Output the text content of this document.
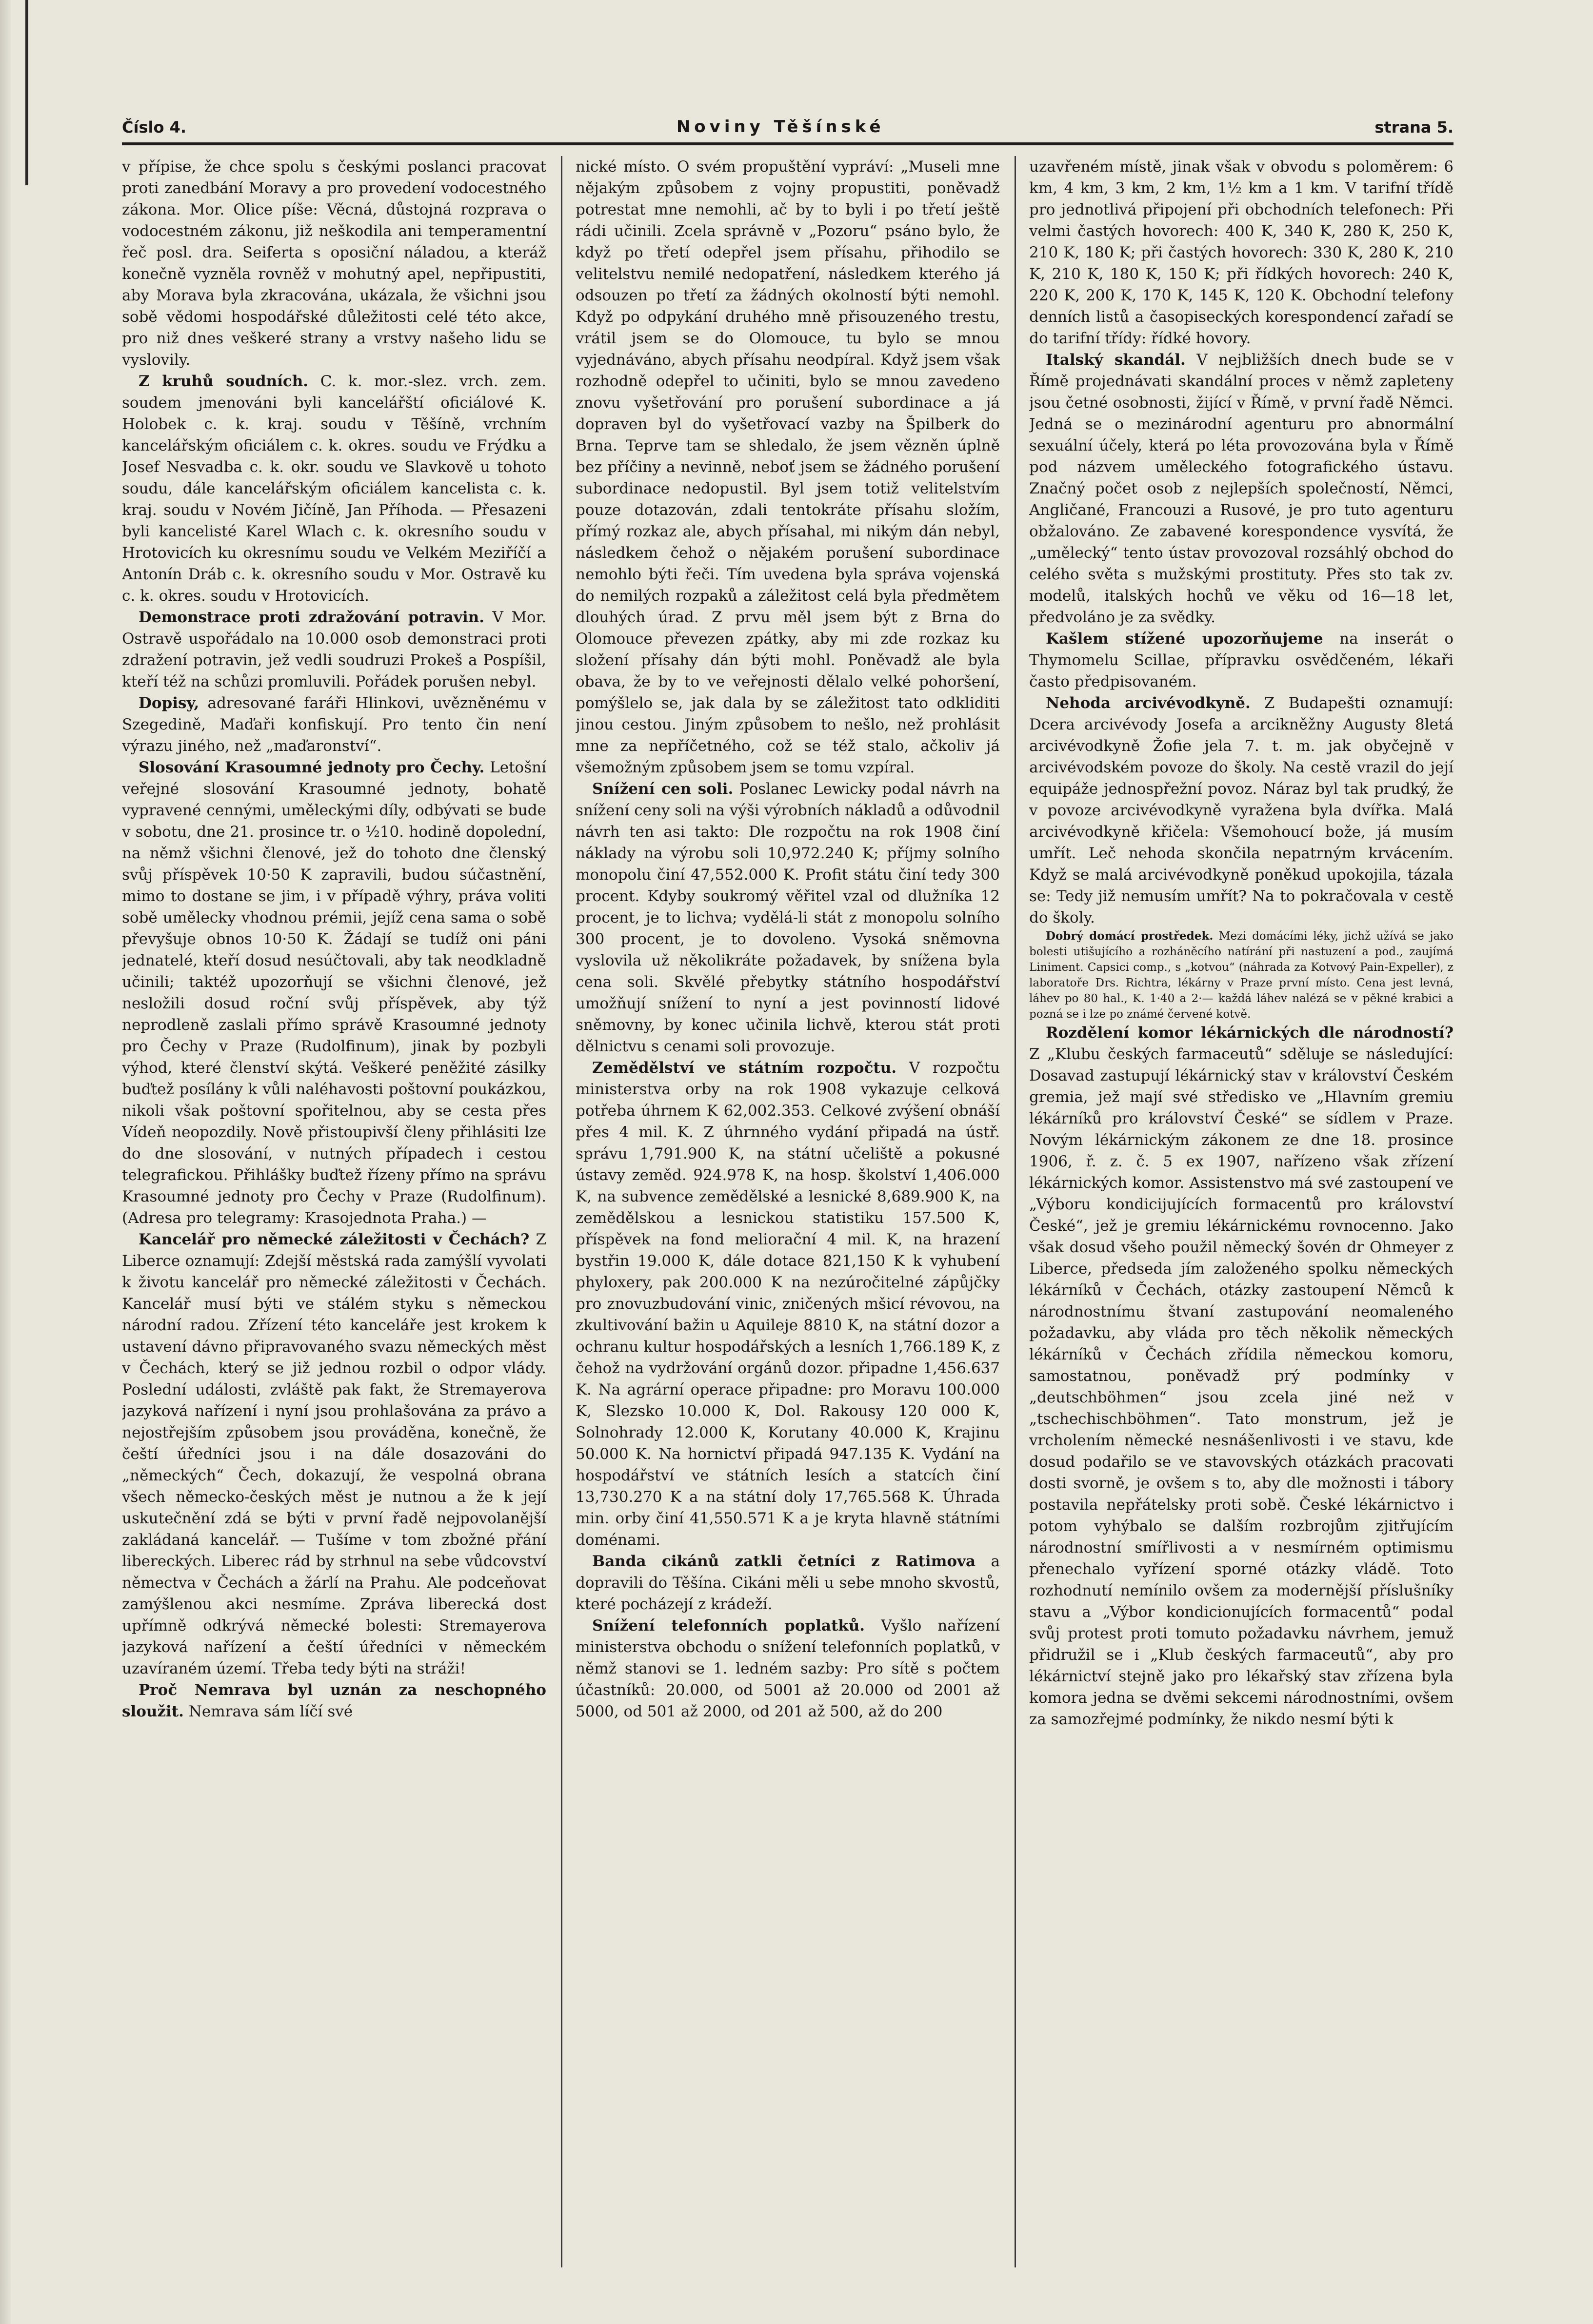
Číslo 4.	Noviny Těšínské	strana 5.

v přípise, že chce spolu s českými poslanci pracovat proti zanedbání Moravy a pro provedení vodocestného zákona. Mor. Olice píše: Věcná, důstojná rozprava o vodocestném zákonu, již neškodila ani temperamentní řeč posl. dra. Seiferta s oposiční náladou, a kteráž konečně vyzněla rovněž v mohutný apel, nepřipustiti, aby Morava byla zkracována, ukázala, že všichni jsou sobě vědomi hospodářské důležitosti celé této akce, pro niž dnes veškeré strany a vrstvy našeho lidu se vyslovily.

Z kruhů soudních. C. k. mor.-slez. vrch. zem. soudem jmenováni byli kancelářští oficiálové K. Holobek c. k. kraj. soudu v Těšíně, vrchním kancelářským oficiálem c. k. okres. soudu ve Frýdku a Josef Nesvadba c. k. okr. soudu ve Slavkově u tohoto soudu, dále kancelářským oficiálem kancelista c. k. kraj. soudu v Novém Jičíně, Jan Příhoda. — Přesazeni byli kancelisté Karel Wlach c. k. okresního soudu v Hrotovicích ku okresnímu soudu ve Velkém Meziříčí a Antonín Dráb c. k. okresního soudu v Mor. Ostravě ku c. k. okres. soudu v Hrotovicích.

Demonstrace proti zdražování potravin. V Mor. Ostravě uspořádalo na 10.000 osob demonstraci proti zdražení potravin, jež vedli soudruzi Prokeš a Pospíšil, kteří též na schůzi promluvili. Pořádek porušen nebyl.

Dopisy, adresované faráři Hlinkovi, uvězněnému v Szegedině, Maďaři konfiskují. Pro tento čin není výrazu jiného, než „maďaronství“.

Slosování Krasoumné jednoty pro Čechy. Letošní veřejné slosování Krasoumné jednoty, bohatě vypravené cennými, uměleckými díly, odbývati se bude v sobotu, dne 21. prosince tr. o ½10. hodině dopolední, na němž všichni členové, jež do tohoto dne členský svůj příspěvek 10·50 K zapravili, budou súčastnění, mimo to dostane se jim, i v případě výhry, práva voliti sobě umělecky vhodnou prémii, jejíž cena sama o sobě převyšuje obnos 10·50 K. Žádají se tudíž oni páni jednatelé, kteří dosud nesúčtovali, aby tak neodkladně učinili; taktéž upozorňují se všichni členové, jež nesložili dosud roční svůj příspěvek, aby týž neprodleně zaslali přímo správě Krasoumné jednoty pro Čechy v Praze (Rudolfinum), jinak by pozbyli výhod, které členství skýtá. Veškeré peněžité zásilky buďtež posílány k vůli naléhavosti poštovní poukázkou, nikoli však poštovní spořitelnou, aby se cesta přes Vídeň neopozdily. Nově přistoupivší členy přihlásiti lze do dne slosování, v nutných případech i cestou telegrafickou. Přihlášky buďtež řízeny přímo na správu Krasoumné jednoty pro Čechy v Praze (Rudolfinum). (Adresa pro telegramy: Krasojednota Praha.) —

Kancelář pro německé záležitosti v Čechách? Z Liberce oznamují: Zdejší městská rada zamýšlí vyvolati k životu kancelář pro německé záležitosti v Čechách. Kancelář musí býti ve stálém styku s německou národní radou. Zřízení této kanceláře jest krokem k ustavení dávno připravovaného svazu německých měst v Čechách, který se již jednou rozbil o odpor vlády. Poslední události, zvláště pak fakt, že Stremayerova jazyková nařízení i nyní jsou prohlašována za právo a nejostřejším způsobem jsou prováděna, konečně, že čeští úředníci jsou i na dále dosazováni do „německých“ Čech, dokazují, že vespolná obrana všech německo-českých měst je nutnou a že k její uskutečnění zdá se býti v první řadě nejpovolanější zakládaná kancelář. — Tušíme v tom zbožné přání libereckých. Liberec rád by strhnul na sebe vůdcovství němectva v Čechách a žárlí na Prahu. Ale podceňovat zamýšlenou akci nesmíme. Zpráva liberecká dost upřímně odkrývá německé bolesti: Stremayerova jazyková nařízení a čeští úředníci v německém uzavíraném území. Třeba tedy býti na stráži!

Proč Nemrava byl uznán za neschopného sloužit. Nemrava sám líčí své

nické místo. O svém propuštění vypráví: „Museli mne nějakým způsobem z vojny propustiti, poněvadž potrestat mne nemohli, ač by to byli i po třetí ještě rádi učinili. Zcela správně v „Pozoru“ psáno bylo, že když po třetí odepřel jsem přísahu, přihodilo se velitelstvu nemilé nedopatření, následkem kterého já odsouzen po třetí za žádných okolností býti nemohl. Když po odpykání druhého mně přisouzeného trestu, vrátil jsem se do Olomouce, tu bylo se mnou vyjednáváno, abych přísahu neodpíral. Když jsem však rozhodně odepřel to učiniti, bylo se mnou zavedeno znovu vyšetřování pro porušení subordinace a já dopraven byl do vyšetřovací vazby na Špilberk do Brna. Teprve tam se shledalo, že jsem vězněn úplně bez příčiny a nevinně, neboť jsem se žádného porušení subordinace nedopustil. Byl jsem totiž velitelstvím pouze dotazován, zdali tentokráte přísahu složím, přímý rozkaz ale, abych přísahal, mi nikým dán nebyl, následkem čehož o nějakém porušení subordinace nemohlo býti řeči. Tím uvedena byla správa vojenská do nemilých rozpaků a záležitost celá byla předmětem dlouhých úrad. Z prvu měl jsem být z Brna do Olomouce převezen zpátky, aby mi zde rozkaz ku složení přísahy dán býti mohl. Poněvadž ale byla obava, že by to ve veřejnosti dělalo velké pohoršení, pomýšlelo se, jak dala by se záležitost tato odkliditi jinou cestou. Jiným způsobem to nešlo, než prohlásit mne za nepříčetného, což se též stalo, ačkoliv já všemožným způsobem jsem se tomu vzpíral.

Snížení cen soli. Poslanec Lewicky podal návrh na snížení ceny soli na výši výrobních nákladů a odůvodnil návrh ten asi takto: Dle rozpočtu na rok 1908 činí náklady na výrobu soli 10,972.240 K; příjmy solního monopolu činí 47,552.000 K. Profit státu činí tedy 300 procent. Kdyby soukromý věřitel vzal od dlužníka 12 procent, je to lichva; vydělá-li stát z monopolu solního 300 procent, je to dovoleno. Vysoká sněmovna vyslovila už několikráte požadavek, by snížena byla cena soli. Skvělé přebytky státního hospodářství umožňují snížení to nyní a jest povinností lidové sněmovny, by konec učinila lichvě, kterou stát proti dělnictvu s cenami soli provozuje.

Zemědělství ve státním rozpočtu. V rozpočtu ministerstva orby na rok 1908 vykazuje celková potřeba úhrnem K 62,002.353. Celkové zvýšení obnáší přes 4 mil. K. Z úhrnného vydání připadá na ústř. správu 1,791.900 K, na státní učeliště a pokusné ústavy zeměd. 924.978 K, na hosp. školství 1,406.000 K, na subvence zemědělské a lesnické 8,689.900 K, na zemědělskou a lesnickou statistiku 157.500 K, příspěvek na fond meliorační 4 mil. K, na hrazení bystřin 19.000 K, dále dotace 821,150 K k vyhubení phyloxery, pak 200.000 K na nezúročitelné zápůjčky pro znovuzbudování vinic, zničených mšicí révovou, na zkultivování bažin u Aquileje 8810 K, na státní dozor a ochranu kultur hospodářských a lesních 1,766.189 K, z čehož na vydržování orgánů dozor. připadne 1,456.637 K. Na agrární operace připadne: pro Moravu 100.000 K, Slezsko 10.000 K, Dol. Rakousy 120 000 K, Solnohrady 12.000 K, Korutany 40.000 K, Krajinu 50.000 K. Na hornictví připadá 947.135 K. Vydání na hospodářství ve státních lesích a statcích činí 13,730.270 K a na státní doly 17,765.568 K. Úhrada min. orby činí 41,550.571 K a je kryta hlavně státními doménami.

Banda cikánů zatkli četníci z Ratimova a dopravili do Těšína. Cikáni měli u sebe mnoho skvostů, které pocházejí z krádeží.

Snížení telefonních poplatků. Vyšlo nařízení ministerstva obchodu o snížení telefonních poplatků, v němž stanovi se 1. ledném sazby: Pro sítě s počtem účastníků: 20.000, od 5001 až 20.000 od 2001 až 5000, od 501 až 2000, od 201 až 500, až do 200

uzavřeném místě, jinak však v obvodu s poloměrem: 6 km, 4 km, 3 km, 2 km, 1½ km a 1 km. V tarifní třídě pro jednotlivá připojení při obchodních telefonech: Při velmi častých hovorech: 400 K, 340 K, 280 K, 250 K, 210 K, 180 K; při častých hovorech: 330 K, 280 K, 210 K, 210 K, 180 K, 150 K; při řídkých hovorech: 240 K, 220 K, 200 K, 170 K, 145 K, 120 K. Obchodní telefony denních listů a časopiseckých korespondencí zařadí se do tarifní třídy: řídké hovory.

Italský skandál. V nejbližších dnech bude se v Římě projednávati skandální proces v němž zapleteny jsou četné osobnosti, žijící v Římě, v první řadě Němci. Jedná se o mezinárodní agenturu pro abnormální sexuální účely, která po léta provozována byla v Římě pod názvem uměleckého fotografického ústavu. Značný počet osob z nejlepších společností, Němci, Angličané, Francouzi a Rusové, je pro tuto agenturu obžalováno. Ze zabavené korespondence vysvítá, že „umělecký“ tento ústav provozoval rozsáhlý obchod do celého světa s mužskými prostituty. Přes sto tak zv. modelů, italských hochů ve věku od 16—18 let, předvoláno je za svědky.

Kašlem stížené upozorňujeme na inserát o Thymomelu Scillae, přípravku osvědčeném, lékaři často předpisovaném.

Nehoda arcivévodkyně. Z Budapešti oznamují: Dcera arcivévody Josefa a arcikněžny Augusty 8letá arcivévodkyně Žofie jela 7. t. m. jak obyčejně v arcivévodském povoze do školy. Na cestě vrazil do její equipáže jednospřežní povoz. Náraz byl tak prudký, že v povoze arcivévodkyně vyražena byla dvířka. Malá arcivévodkyně křičela: Všemohoucí bože, já musím umřít. Leč nehoda skončila nepatrným krvácením. Když se malá arcivévodkyně poněkud upokojila, tázala se: Tedy již nemusím umřít? Na to pokračovala v cestě do školy.

Dobrý domácí prostředek. Mezi domácími léky, jichž užívá se jako bolesti utišujícího a rozháněcího natírání při nastuzení a pod., zaujímá Liniment. Capsici comp., s „kotvou“ (náhrada za Kotvový Pain-Expeller), z laboratoře Drs. Richtra, lékárny v Praze první místo. Cena jest levná, láhev po 80 hal., K. 1·40 a 2·— každá láhev nalézá se v pěkné krabici a pozná se i lze po známé červené kotvě.

Rozdělení komor lékárnických dle národností? Z „Klubu českých farmaceutů“ sděluje se následující: Dosavad zastupují lékárnický stav v království Českém gremia, jež mají své středisko ve „Hlavním gremiu lékárníků pro království České“ se sídlem v Praze. Novým lékárnickým zákonem ze dne 18. prosince 1906, ř. z. č. 5 ex 1907, nařízeno však zřízení lékárnických komor. Assistenstvo má své zastoupení ve „Výboru kondicijujících formacentů pro království České“, jež je gremiu lékárnickému rovnocenno. Jako však dosud všeho použil německý šovén dr Ohmeyer z Liberce, předseda jím založeného spolku německých lékárníků v Čechách, otázky zastoupení Němců k národnostnímu štvaní zastupování neomaleného požadavku, aby vláda pro těch několik německých lékárníků v Čechách zřídila německou komoru, samostatnou, poněvadž prý podmínky v „deutschböhmen“ jsou zcela jiné než v „tschechischböhmen“. Tato monstrum, jež je vrcholením německé nesnášenlivosti i ve stavu, kde dosud podařilo se ve stavovských otázkách pracovati dosti svorně, je ovšem s to, aby dle možnosti i tábory postavila nepřátelsky proti sobě. České lékárnictvo i potom vyhýbalo se dalším rozbrojům zjitřujícím národnostní smířlivosti a v nesmírném optimismu přenechalo vyřízení sporné otázky vládě. Toto rozhodnutí nemínilo ovšem za modernější příslušníky stavu a „Výbor kondicionujících formacentů“ podal svůj protest proti tomuto požadavku návrhem, jemuž přidružil se i „Klub českých farmaceutů“, aby pro lékárnictví stejně jako pro lékařský stav zřízena byla komora jedna se dvěmi sekcemi národnostními, ovšem za samozřejmé podmínky, že nikdo nesmí býti k
